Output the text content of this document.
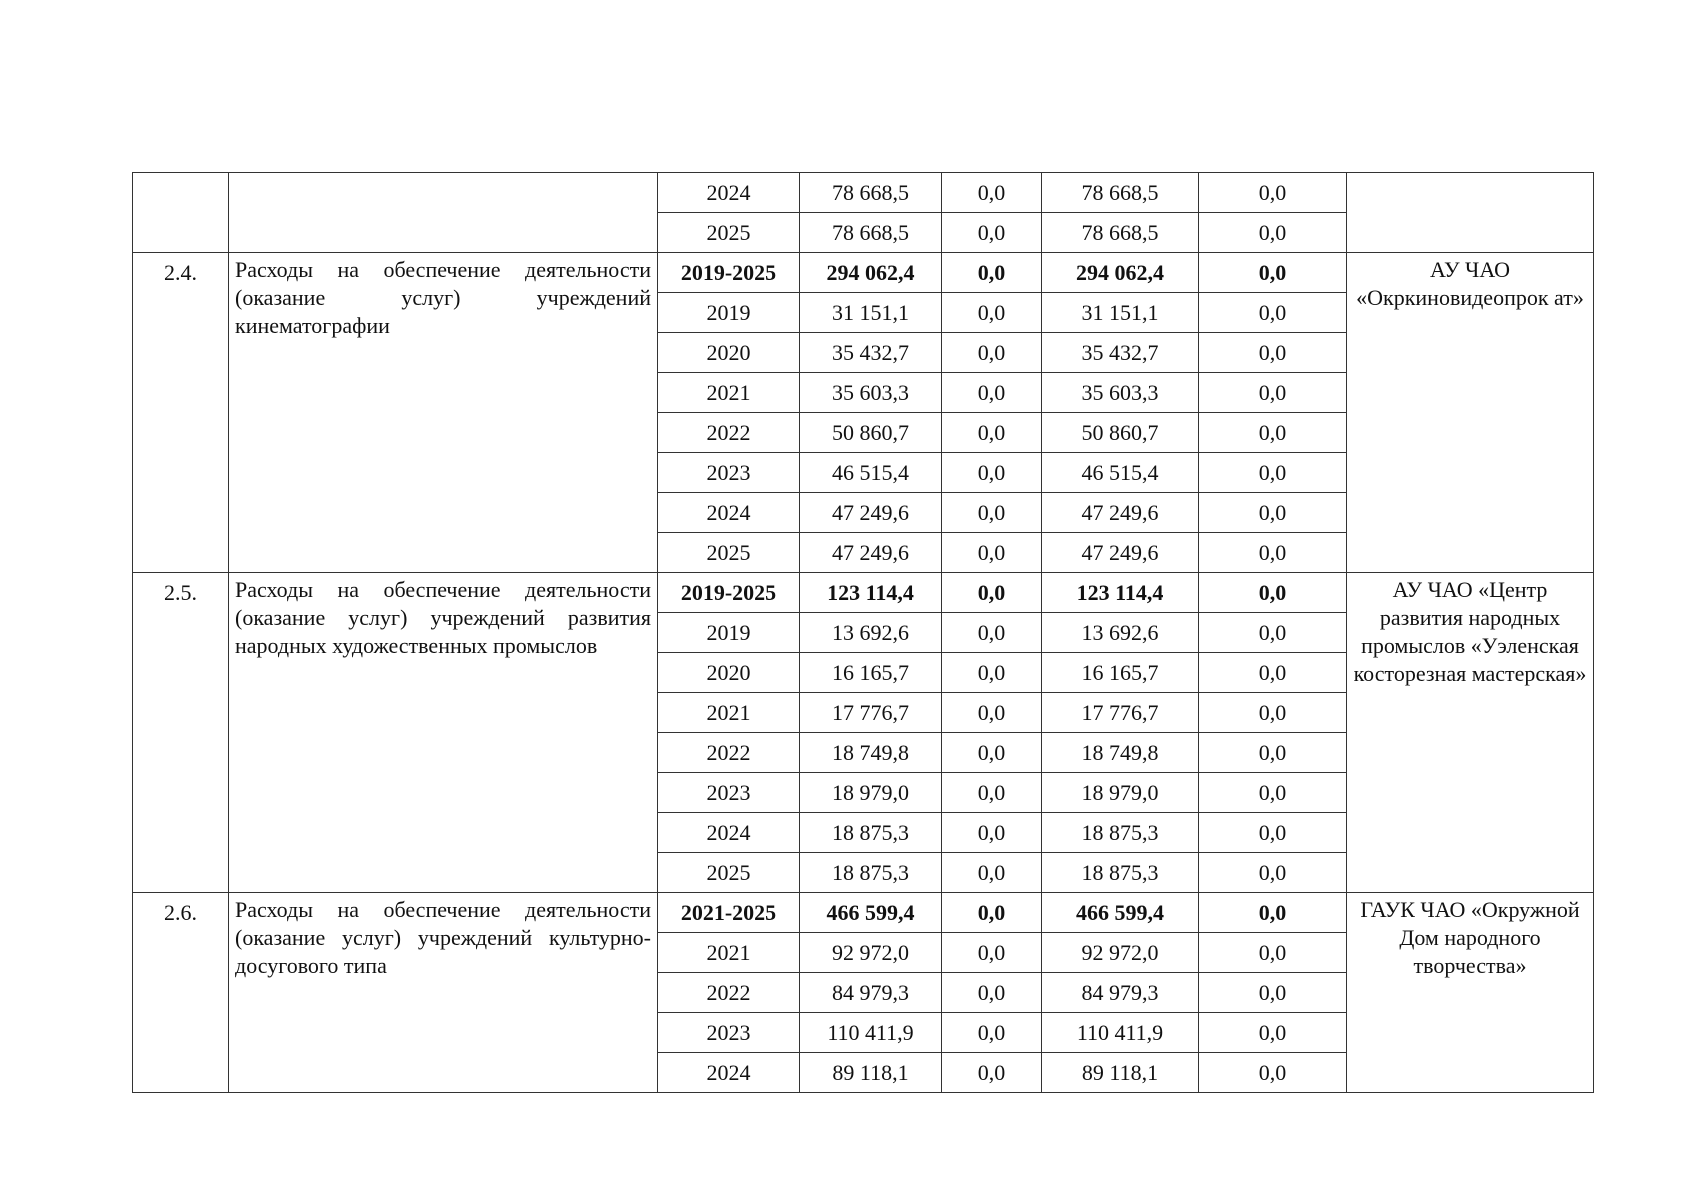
		2024	78 668,5	0,0	78 668,5	0,0	
		2025	78 668,5	0,0	78 668,5	0,0	
2.4.	Расходы на обеспечение деятельности (оказание услуг) учреждений кинематографии	2019-2025	294 062,4	0,0	294 062,4	0,0	АУ ЧАО «Окркиновидеопрок ат»
		2019	31 151,1	0,0	31 151,1	0,0	
		2020	35 432,7	0,0	35 432,7	0,0	
		2021	35 603,3	0,0	35 603,3	0,0	
		2022	50 860,7	0,0	50 860,7	0,0	
		2023	46 515,4	0,0	46 515,4	0,0	
		2024	47 249,6	0,0	47 249,6	0,0	
		2025	47 249,6	0,0	47 249,6	0,0	
2.5.	Расходы на обеспечение деятельности (оказание услуг) учреждений развития народных художественных промыслов	2019-2025	123 114,4	0,0	123 114,4	0,0	АУ ЧАО «Центр развития народных промыслов «Уэленская косторезная мастерская»
		2019	13 692,6	0,0	13 692,6	0,0	
		2020	16 165,7	0,0	16 165,7	0,0	
		2021	17 776,7	0,0	17 776,7	0,0	
		2022	18 749,8	0,0	18 749,8	0,0	
		2023	18 979,0	0,0	18 979,0	0,0	
		2024	18 875,3	0,0	18 875,3	0,0	
		2025	18 875,3	0,0	18 875,3	0,0	
2.6.	Расходы на обеспечение деятельности (оказание услуг) учреждений культурно-досугового типа	2021-2025	466 599,4	0,0	466 599,4	0,0	ГАУК ЧАО «Окружной Дом народного творчества»
		2021	92 972,0	0,0	92 972,0	0,0	
		2022	84 979,3	0,0	84 979,3	0,0	
		2023	110 411,9	0,0	110 411,9	0,0	
		2024	89 118,1	0,0	89 118,1	0,0	
